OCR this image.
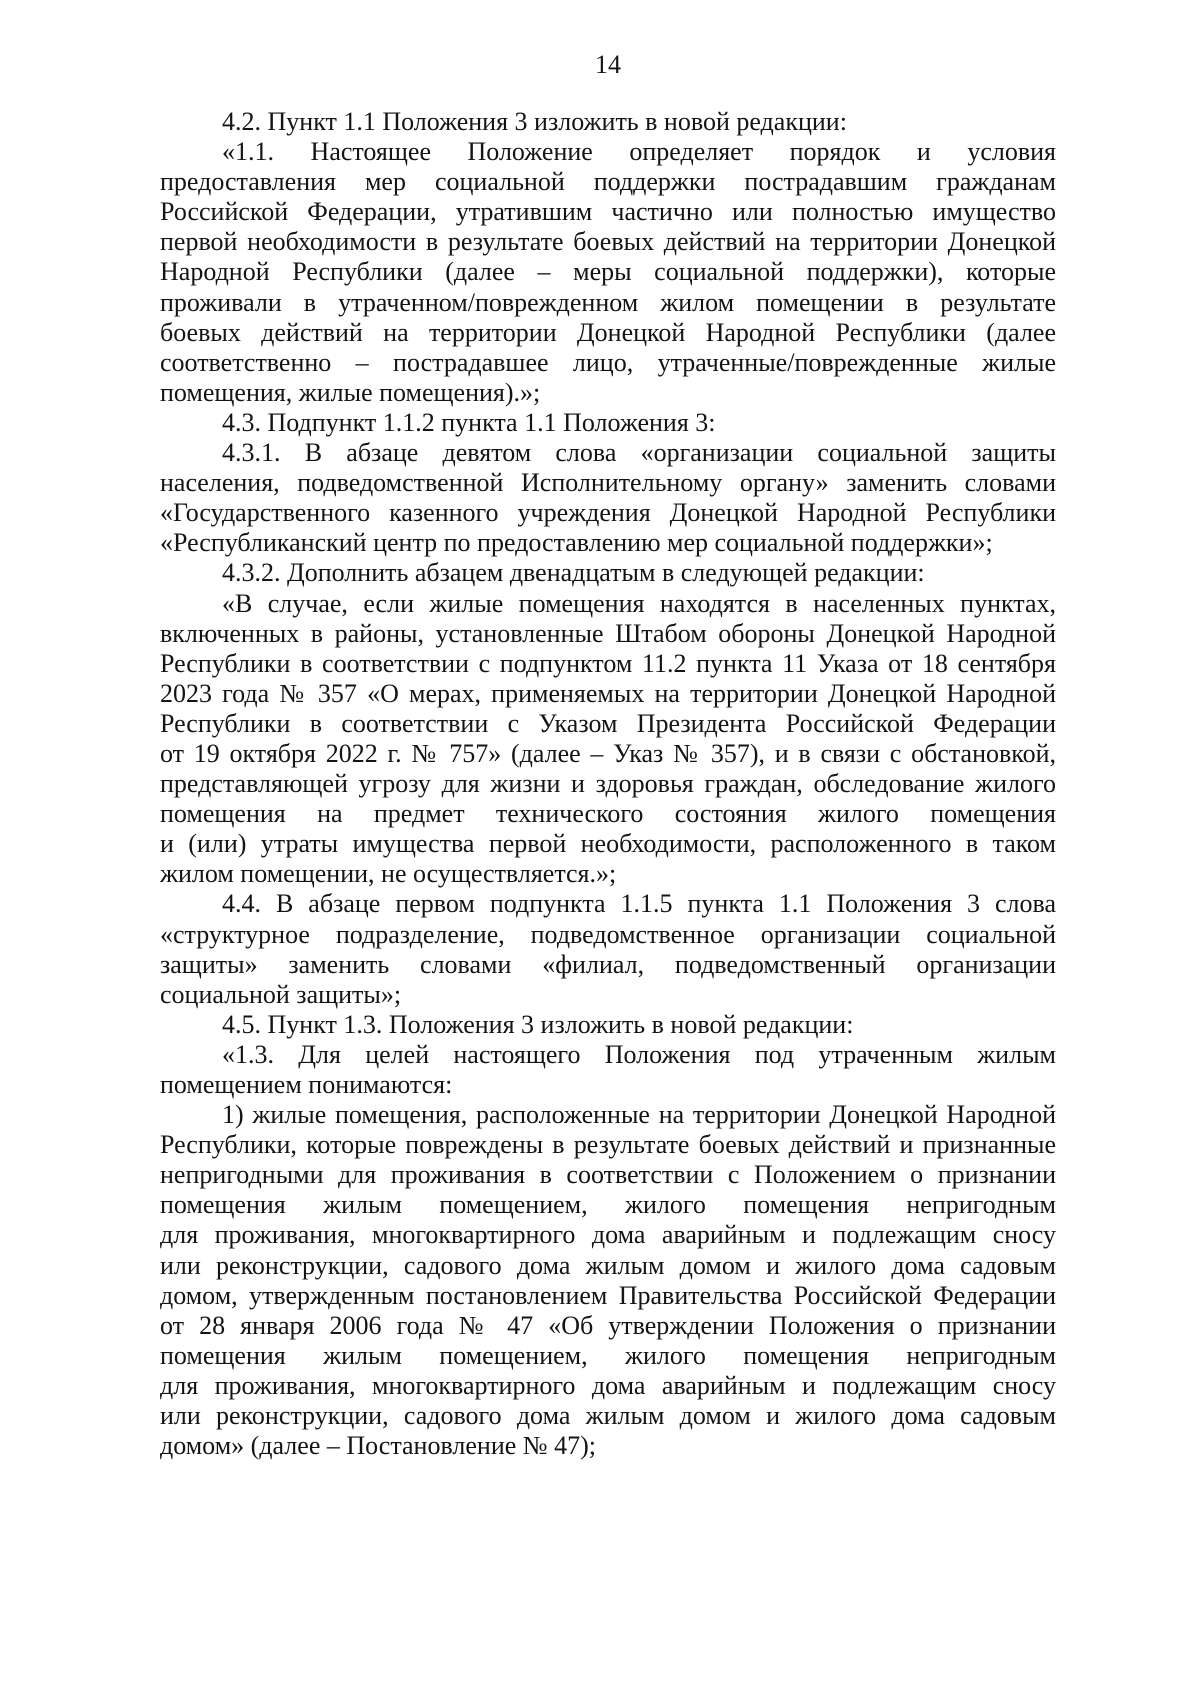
14
4.2. Пункт 1.1 Положения 3 изложить в новой редакции:
«1.1. Настоящее Положение определяет порядок и условия
предоставления мер социальной поддержки пострадавшим гражданам
Российской Федерации, утратившим частично или полностью имущество
первой необходимости в результате боевых действий на территории Донецкой
Народной Республики (далее – меры социальной поддержки), которые
проживали в утраченном/поврежденном жилом помещении в результате
боевых действий на территории Донецкой Народной Республики (далее
соответственно – пострадавшее лицо, утраченные/поврежденные жилые
помещения, жилые помещения).»;
4.3. Подпункт 1.1.2 пункта 1.1 Положения 3:
4.3.1. В абзаце девятом слова «организации социальной защиты
населения, подведомственной Исполнительному органу» заменить словами
«Государственного казенного учреждения Донецкой Народной Республики
«Республиканский центр по предоставлению мер социальной поддержки»;
4.3.2. Дополнить абзацем двенадцатым в следующей редакции:
«В случае, если жилые помещения находятся в населенных пунктах,
включенных в районы, установленные Штабом обороны Донецкой Народной
Республики в соответствии с подпунктом 11.2 пункта 11 Указа от 18 сентября
2023 года № 357 «О мерах, применяемых на территории Донецкой Народной
Республики в соответствии с Указом Президента Российской Федерации
от 19 октября 2022 г. № 757» (далее – Указ № 357), и в связи с обстановкой,
представляющей угрозу для жизни и здоровья граждан, обследование жилого
помещения на предмет технического состояния жилого помещения
и (или) утраты имущества первой необходимости, расположенного в таком
жилом помещении, не осуществляется.»;
4.4. В абзаце первом подпункта 1.1.5 пункта 1.1 Положения 3 слова
«структурное подразделение, подведомственное организации социальной
защиты» заменить словами «филиал, подведомственный организации
социальной защиты»;
4.5. Пункт 1.3. Положения 3 изложить в новой редакции:
«1.3. Для целей настоящего Положения под утраченным жилым
помещением понимаются:
1) жилые помещения, расположенные на территории Донецкой Народной
Республики, которые повреждены в результате боевых действий и признанные
непригодными для проживания в соответствии с Положением о признании
помещения жилым помещением, жилого помещения непригодным
для проживания, многоквартирного дома аварийным и подлежащим сносу
или реконструкции, садового дома жилым домом и жилого дома садовым
домом, утвержденным постановлением Правительства Российской Федерации
от 28 января 2006 года № 47 «Об утверждении Положения о признании
помещения жилым помещением, жилого помещения непригодным
для проживания, многоквартирного дома аварийным и подлежащим сносу
или реконструкции, садового дома жилым домом и жилого дома садовым
домом» (далее – Постановление № 47);
